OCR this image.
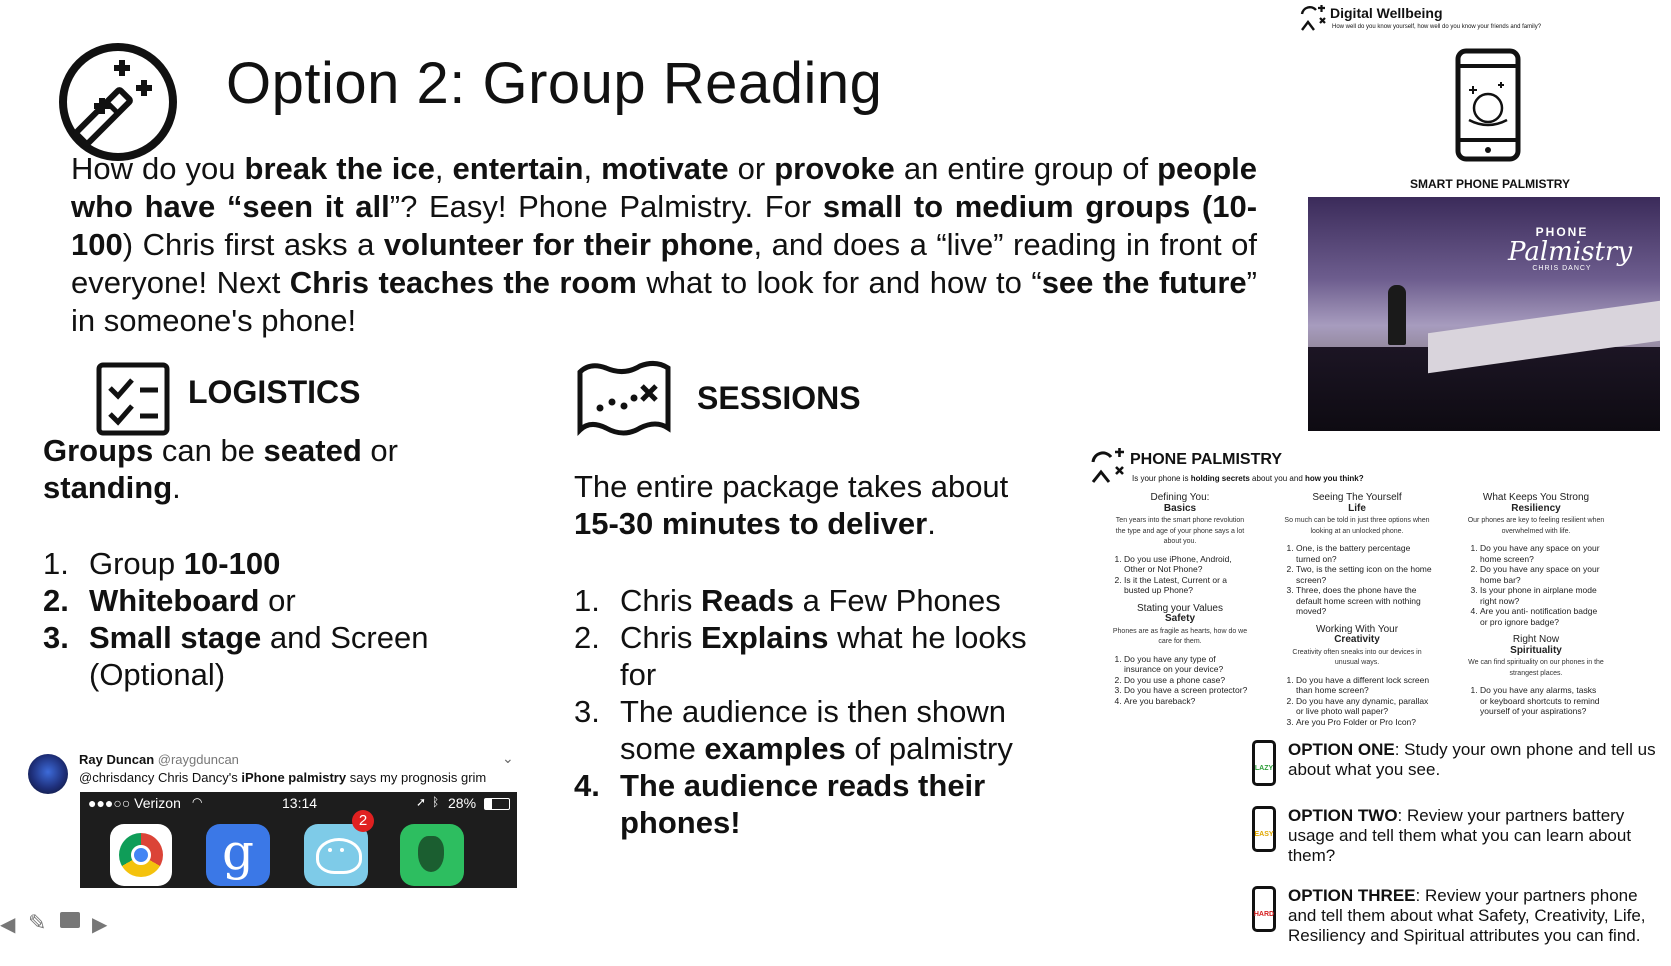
Option 2: Group Reading
How do you break the ice, entertain, motivate or provoke an entire group of people who have “seen it all”? Easy! Phone Palmistry. For small to medium groups (10-100) Chris first asks a volunteer for their phone, and does a “live” reading in front of everyone! Next Chris teaches the room what to look for and how to “see the future” in someone's phone!
LOGISTICS
Groups can be seated or standing.
1. Group 10-100
2. Whiteboard or
3. Small stage and Screen (Optional)
SESSIONS
The entire package takes about 15-30 minutes to deliver.
1. Chris Reads a Few Phones
2. Chris Explains what he looks for
3. The audience is then shown some examples of palmistry
4. The audience reads their phones!
Ray Duncan @raygduncan	⌄
@chrisdancy Chris Dancy's iPhone palmistry says my prognosis grim
●●●○○ Verizon ◠	13:14	➚ ᛒ 28%
g
2
Digital Wellbeing
How well do you know yourself, how well do you know your friends and family?
SMART PHONE PALMISTRY
PHONE
Palmistry
CHRIS DANCY
PHONE PALMISTRY
Is your phone is holding secrets about you and how you think?
Defining You:
Basics
Ten years into the smart phone revolution the type and age of your phone says a lot about you.
1. Do you use iPhone, Android, Other or Not Phone?
2. Is it the Latest, Current or a busted up Phone?
Stating your Values
Safety
Phones are as fragile as hearts, how do we care for them.
1. Do you have any type of insurance on your device?
2. Do you use a phone case?
3. Do you have a screen protector?
4. Are you bareback?
Seeing The Yourself
Life
So much can be told in just three options when looking at an unlocked phone.
1. One, is the battery percentage turned on?
2. Two, is the setting icon on the home screen?
3. Three, does the phone have the default home screen with nothing moved?
Working With Your
Creativity
Creativity often sneaks into our devices in unusual ways.
1. Do you have a different lock screen than home screen?
2. Do you have any dynamic, parallax or live photo wall paper?
3. Are you Pro Folder or Pro Icon?
What Keeps You Strong
Resiliency
Our phones are key to feeling resilient when overwhelmed with life.
1. Do you have any space on your home screen?
2. Do you have any space on your home bar?
3. Is your phone in airplane mode right now?
4. Are you anti- notification badge or pro ignore badge?
Right Now
Spirituality
We can find spirituality on our phones in the strangest places.
1. Do you have any alarms, tasks or keyboard shortcuts to remind yourself of your aspirations?
LAZY
OPTION ONE: Study your own phone and tell us about what you see.
EASY
OPTION TWO: Review your partners battery usage and tell them what you can learn about them?
HARD
OPTION THREE: Review your partners phone and tell them about what Safety, Creativity, Life, Resiliency and Spiritual attributes you can find.
◀ ✎ ▶
